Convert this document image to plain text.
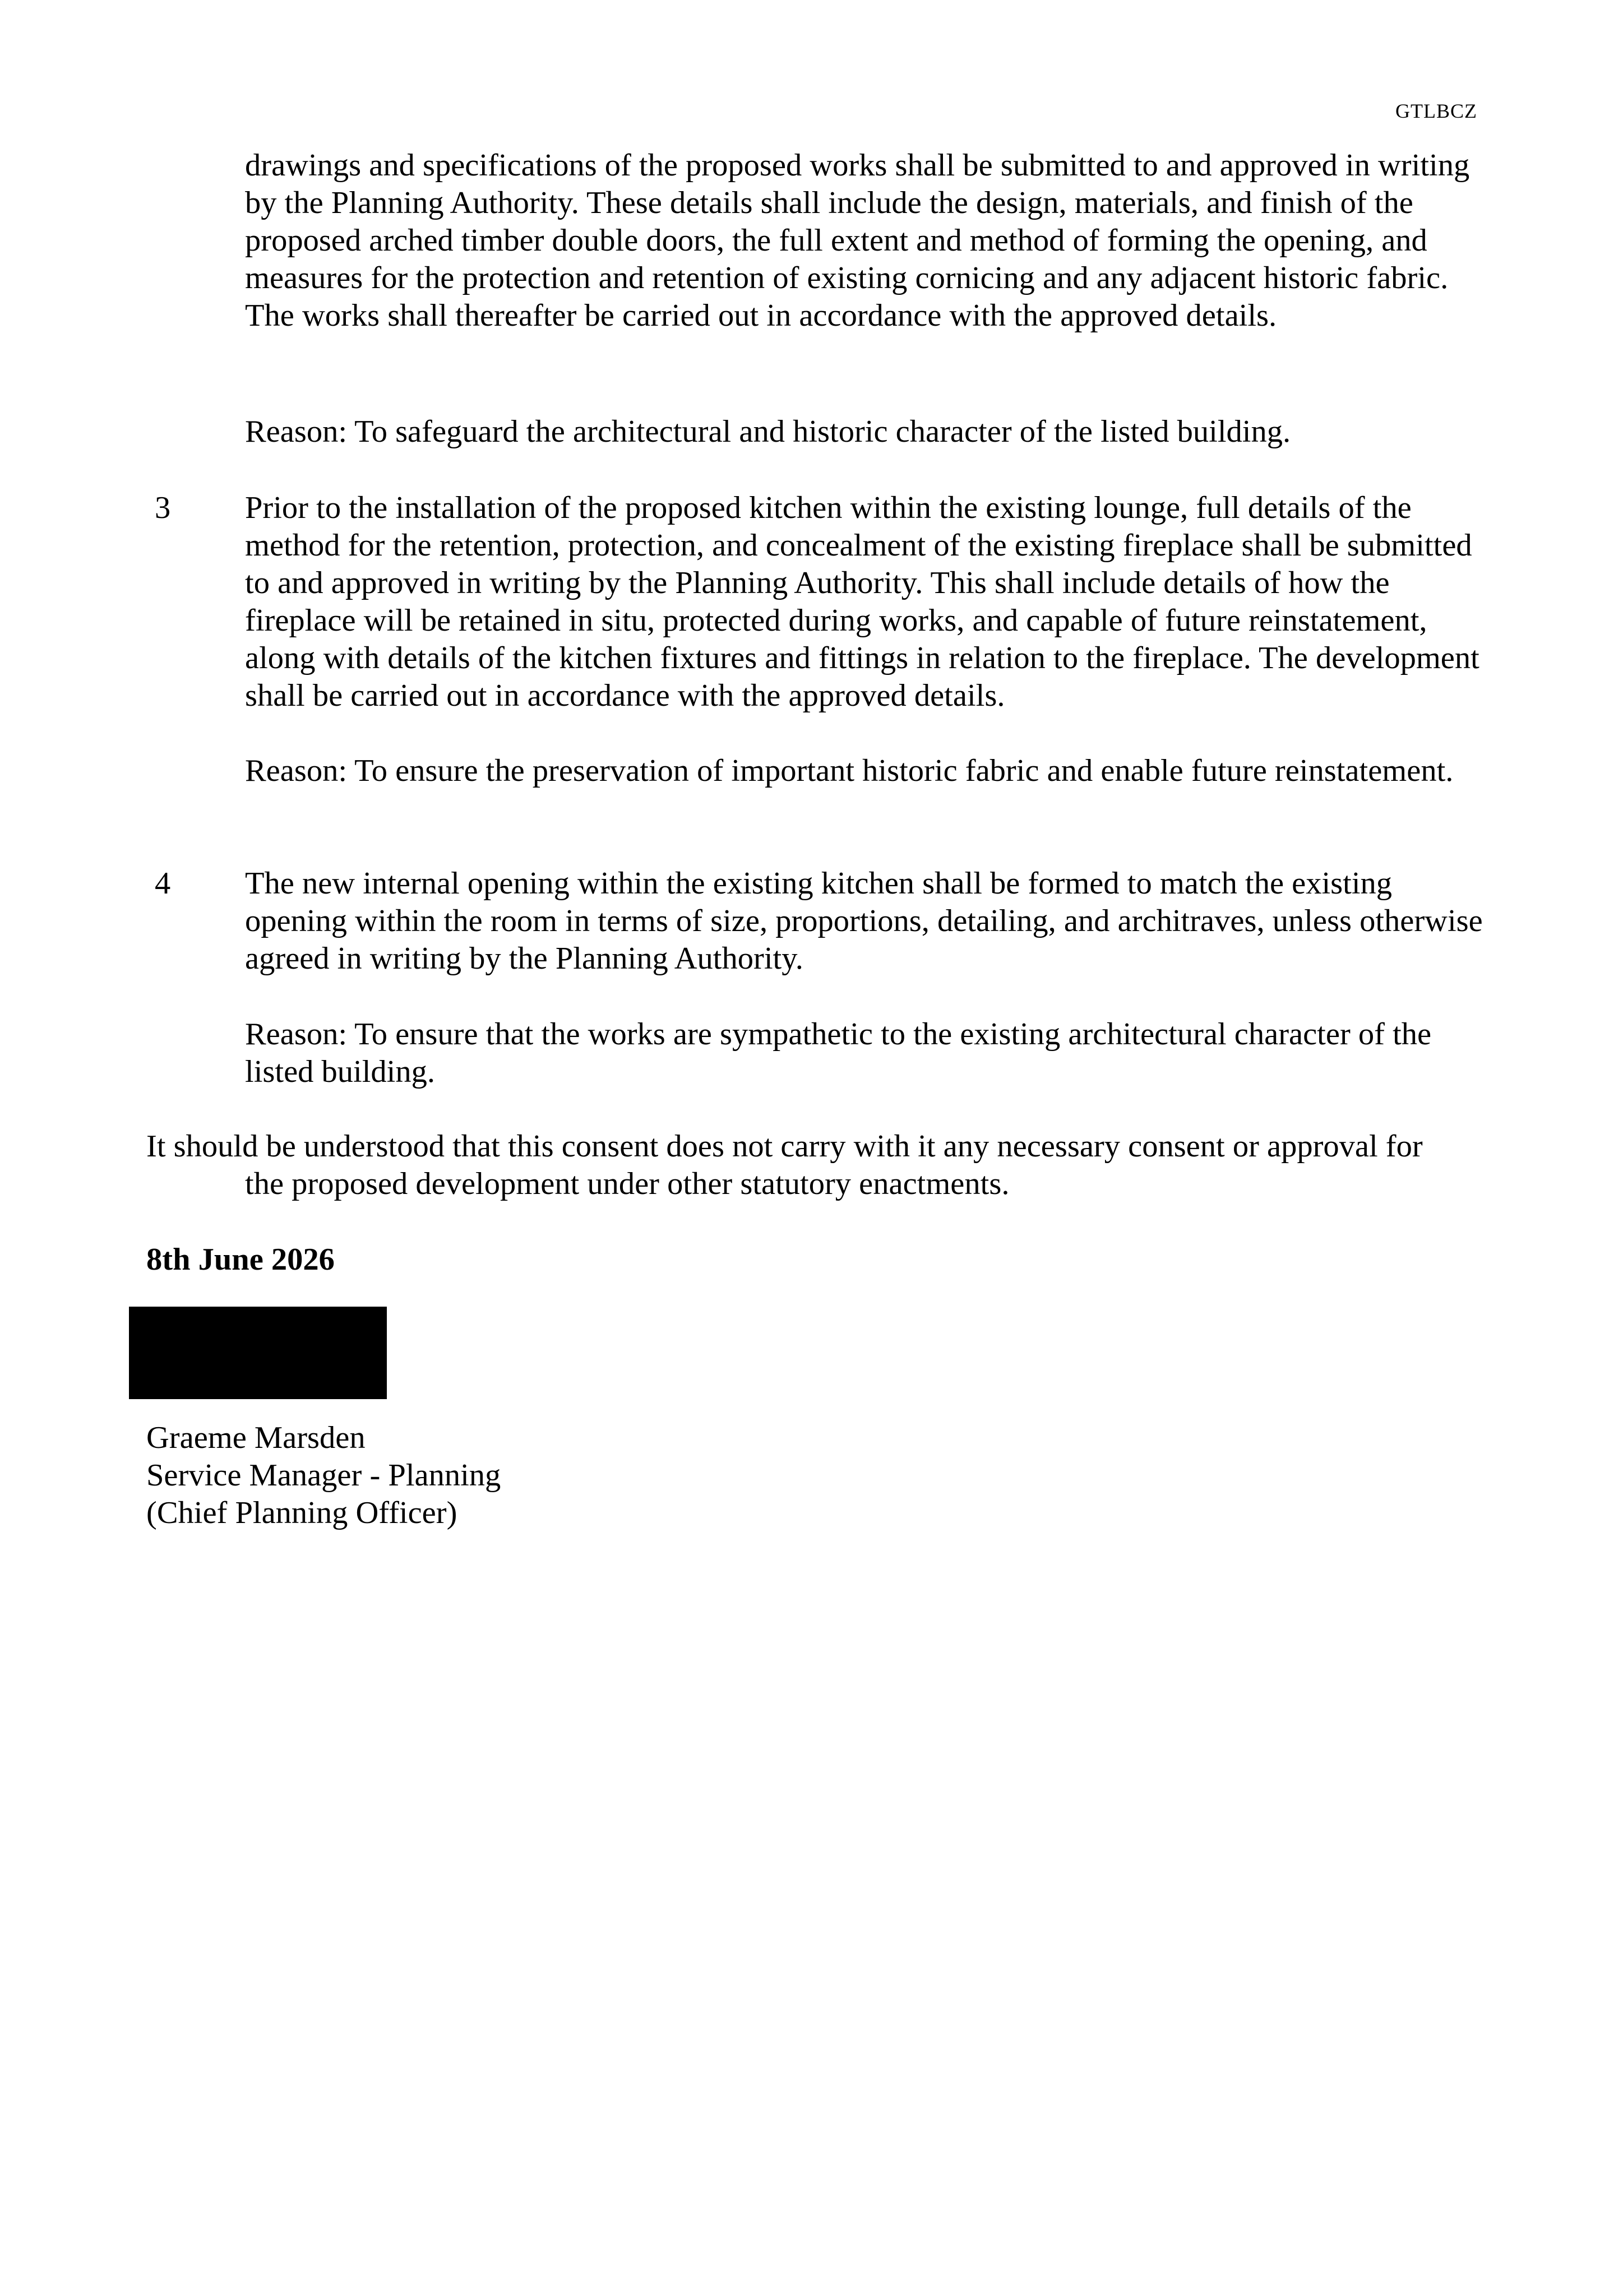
GTLBCZ

drawings and specifications of the proposed works shall be submitted to and approved in writing by the Planning Authority. These details shall include the design, materials, and finish of the proposed arched timber double doors, the full extent and method of forming the opening, and measures for the protection and retention of existing cornicing and any adjacent historic fabric. The works shall thereafter be carried out in accordance with the approved details.

Reason: To safeguard the architectural and historic character of the listed building.

3	Prior to the installation of the proposed kitchen within the existing lounge, full details of the method for the retention, protection, and concealment of the existing fireplace shall be submitted to and approved in writing by the Planning Authority. This shall include details of how the fireplace will be retained in situ, protected during works, and capable of future reinstatement, along with details of the kitchen fixtures and fittings in relation to the fireplace. The development shall be carried out in accordance with the approved details.

Reason: To ensure the preservation of important historic fabric and enable future reinstatement.

4	The new internal opening within the existing kitchen shall be formed to match the existing opening within the room in terms of size, proportions, detailing, and architraves, unless otherwise agreed in writing by the Planning Authority.

Reason: To ensure that the works are sympathetic to the existing architectural character of the listed building.

It should be understood that this consent does not carry with it any necessary consent or approval for
the proposed development under other statutory enactments.
8th June 2026
Graeme Marsden
Service Manager - Planning
(Chief Planning Officer)
